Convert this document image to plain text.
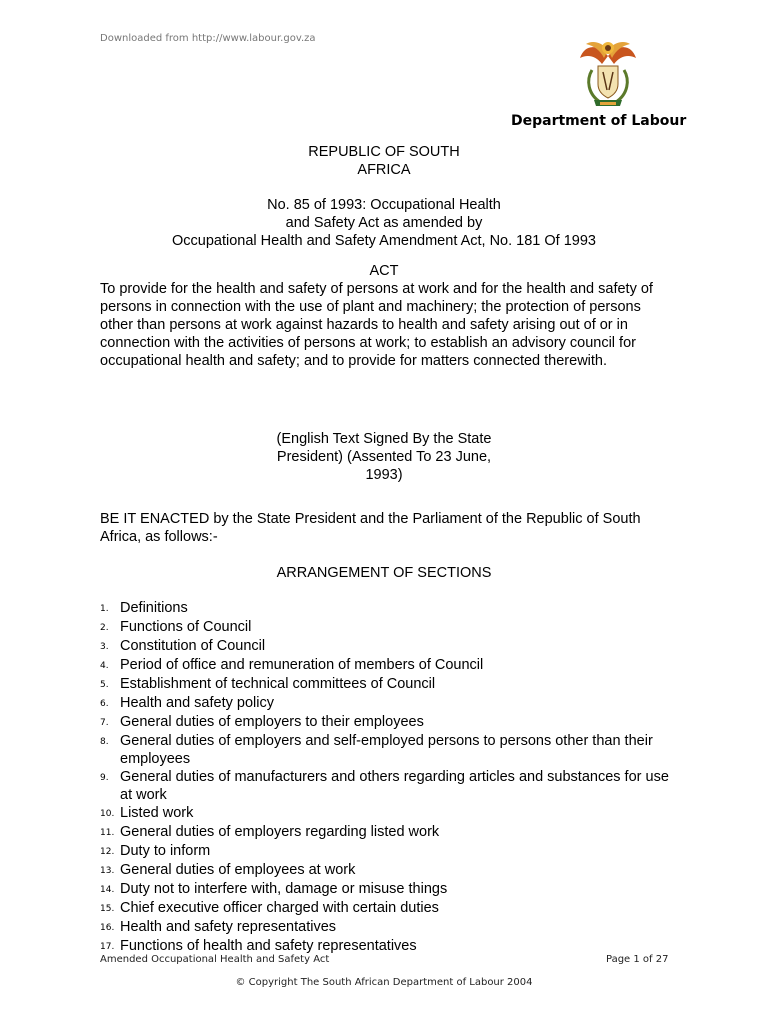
Downloaded from http://www.labour.gov.za
Department of Labour
REPUBLIC OF SOUTH
AFRICA
No. 85 of 1993: Occupational Health
and Safety Act as amended by
Occupational Health and Safety Amendment Act, No. 181 Of 1993
ACT
To provide for the health and safety of persons at work and for the health and safety of persons in connection with the use of plant and machinery; the protection of persons other than persons at work against hazards to health and safety arising out of or in connection with the activities of persons at work; to establish an advisory council for occupational health and safety; and to provide for matters connected therewith.
(English Text Signed By the State
President) (Assented To 23 June,
1993)
BE IT ENACTED by the State President and the Parliament of the Republic of South Africa, as follows:-
ARRANGEMENT OF SECTIONS
1. Definitions
2. Functions of Council
3. Constitution of Council
4. Period of office and remuneration of members of Council
5. Establishment of technical committees of Council
6. Health and safety policy
7. General duties of employers to their employees
8. General duties of employers and self-employed persons to persons other than their employees
9. General duties of manufacturers and others regarding articles and substances for use at work
10. Listed work
11. General duties of employers regarding listed work
12. Duty to inform
13. General duties of employees at work
14. Duty not to interfere with, damage or misuse things
15. Chief executive officer charged with certain duties
16. Health and safety representatives
17. Functions of health and safety representatives
Amended Occupational Health and Safety Act	Page 1 of 27
© Copyright The South African Department of Labour 2004
